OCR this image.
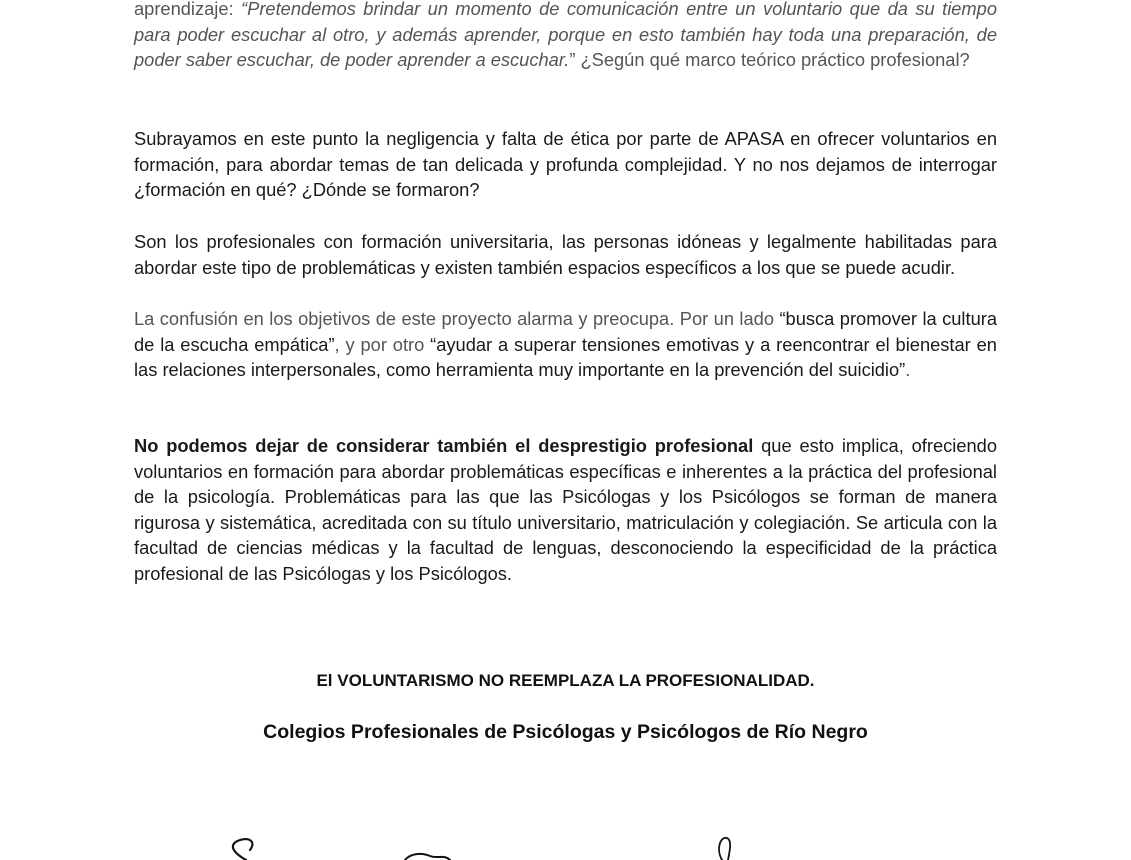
aprendizaje: “Pretendemos brindar un momento de comunicación entre un voluntario que da su tiempo para poder escuchar al otro, y además aprender, porque en esto también hay toda una preparación, de poder saber escuchar, de poder aprender a escuchar.” ¿Según qué marco teórico práctico profesional?

Subrayamos en este punto la negligencia y falta de ética por parte de APASA en ofrecer voluntarios en formación, para abordar temas de tan delicada y profunda complejidad. Y no nos dejamos de interrogar ¿formación en qué? ¿Dónde se formaron?

Son los profesionales con formación universitaria, las personas idóneas y legalmente habilitadas para abordar este tipo de problemáticas y existen también espacios específicos a los que se puede acudir.

La confusión en los objetivos de este proyecto alarma y preocupa. Por un lado “busca promover la cultura de la escucha empática”, y por otro “ayudar a superar tensiones emotivas y a reencontrar el bienestar en las relaciones interpersonales, como herramienta muy importante en la prevención del suicidio”.

No podemos dejar de considerar también el desprestigio profesional que esto implica, ofreciendo voluntarios en formación para abordar problemáticas específicas e inherentes a la práctica del profesional de la psicología. Problemáticas para las que las Psicólogas y los Psicólogos se forman de manera rigurosa y sistemática, acreditada con su título universitario, matriculación y colegiación. Se articula con la facultad de ciencias médicas y la facultad de lenguas, desconociendo la especificidad de la práctica profesional de las Psicólogas y los Psicólogos.

El VOLUNTARISMO NO REEMPLAZA LA PROFESIONALIDAD.
Colegios Profesionales de Psicólogas y Psicólogos de Río Negro
